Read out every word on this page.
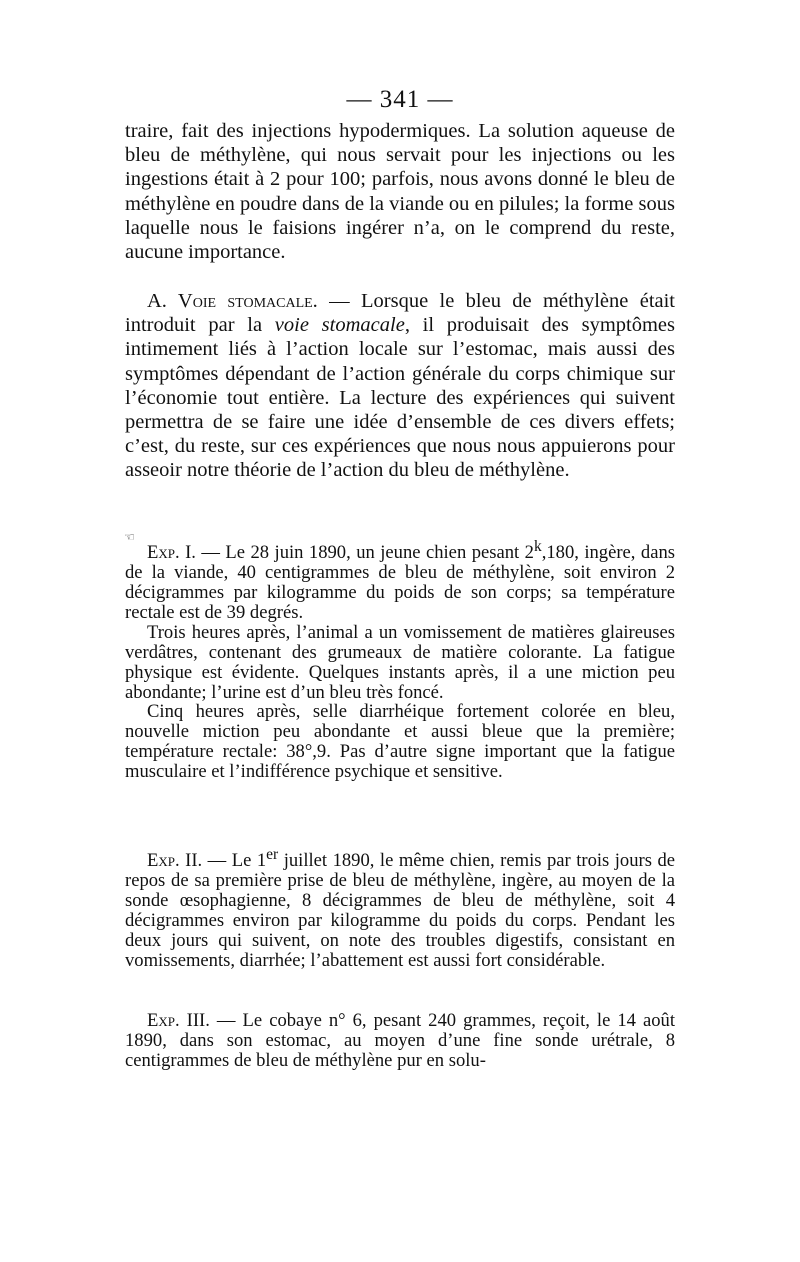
— 341 —

traire, fait des injections hypodermiques. La solution aqueuse de bleu de méthylène, qui nous servait pour les injections ou les ingestions était à 2 pour 100; parfois, nous avons donné le bleu de méthylène en poudre dans de la viande ou en pilules; la forme sous laquelle nous le faisions ingérer n’a, on le comprend du reste, aucune importance.

A. Voie stomacale. — Lorsque le bleu de méthylène était introduit par la voie stomacale, il produisait des symptômes intimement liés à l’action locale sur l’estomac, mais aussi des symptômes dépendant de l’action générale du corps chimique sur l’économie tout entière. La lecture des expériences qui suivent permettra de se faire une idée d’ensemble de ces divers effets; c’est, du reste, sur ces expériences que nous nous appuierons pour asseoir notre théorie de l’action du bleu de méthylène.

☜

Exp. I. — Le 28 juin 1890, un jeune chien pesant 2$^k$,180, ingère, dans de la viande, 40 centigrammes de bleu de méthylène, soit environ 2 décigrammes par kilogramme du poids de son corps; sa température rectale est de 39 degrés.

Trois heures après, l’animal a un vomissement de matières glaireuses verdâtres, contenant des grumeaux de matière colorante. La fatigue physique est évidente. Quelques instants après, il a une miction peu abondante; l’urine est d’un bleu très foncé.

Cinq heures après, selle diarrhéique fortement colorée en bleu, nouvelle miction peu abondante et aussi bleue que la première; température rectale: 38°,9. Pas d’autre signe important que la fatigue musculaire et l’indifférence psychique et sensitive.

Exp. II. — Le 1er juillet 1890, le même chien, remis par trois jours de repos de sa première prise de bleu de méthylène, ingère, au moyen de la sonde œsophagienne, 8 décigrammes de bleu de méthylène, soit 4 décigrammes environ par kilogramme du poids du corps. Pendant les deux jours qui suivent, on note des troubles digestifs, consistant en vomissements, diarrhée; l’abattement est aussi fort considérable.

Exp. III. — Le cobaye n° 6, pesant 240 grammes, reçoit, le 14 août 1890, dans son estomac, au moyen d’une fine sonde urétrale, 8 centigrammes de bleu de méthylène pur en solu-
